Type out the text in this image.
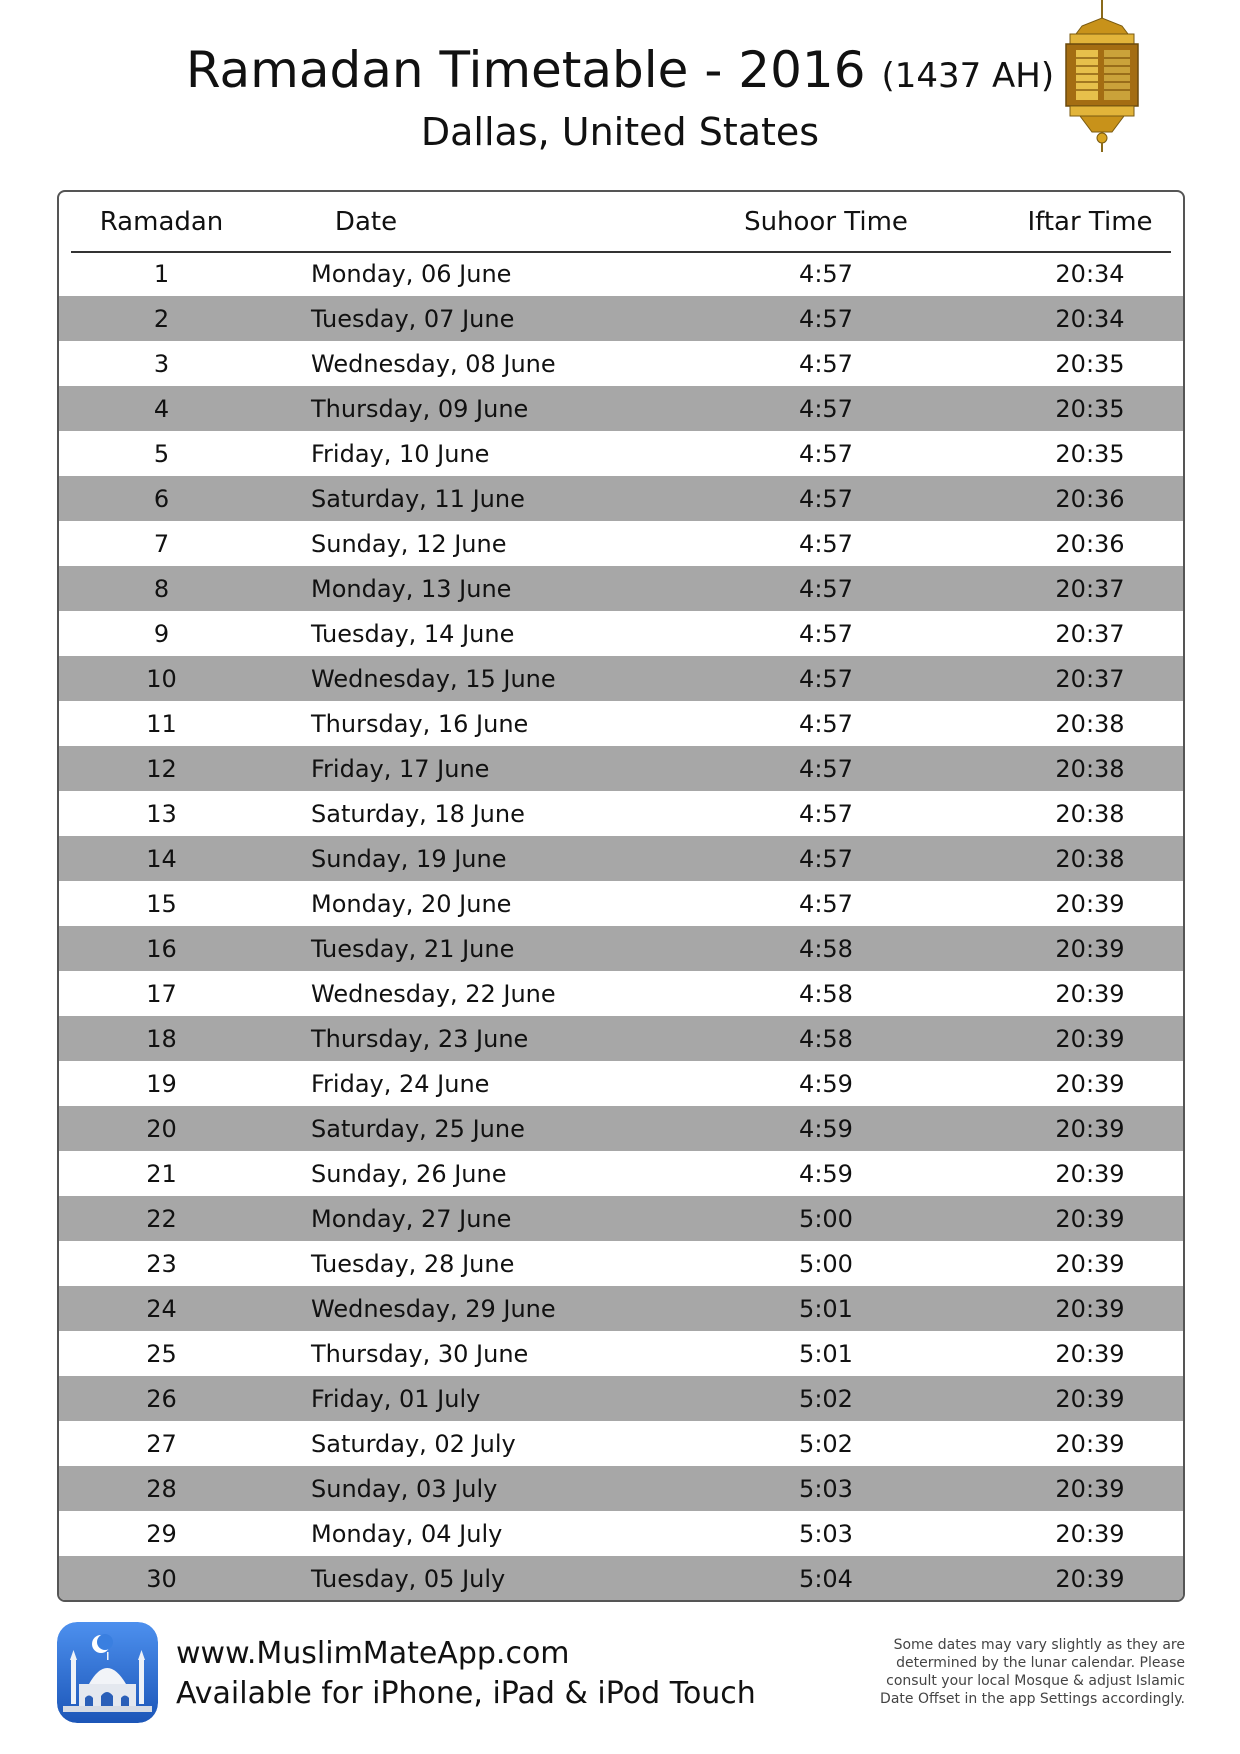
Ramadan Timetable - 2016 (1437 AH)
Dallas, United States
Ramadan	Date	Suhoor Time	Iftar Time
1	Monday, 06 June	4:57	20:34
2	Tuesday, 07 June	4:57	20:34
3	Wednesday, 08 June	4:57	20:35
4	Thursday, 09 June	4:57	20:35
5	Friday, 10 June	4:57	20:35
6	Saturday, 11 June	4:57	20:36
7	Sunday, 12 June	4:57	20:36
8	Monday, 13 June	4:57	20:37
9	Tuesday, 14 June	4:57	20:37
10	Wednesday, 15 June	4:57	20:37
11	Thursday, 16 June	4:57	20:38
12	Friday, 17 June	4:57	20:38
13	Saturday, 18 June	4:57	20:38
14	Sunday, 19 June	4:57	20:38
15	Monday, 20 June	4:57	20:39
16	Tuesday, 21 June	4:58	20:39
17	Wednesday, 22 June	4:58	20:39
18	Thursday, 23 June	4:58	20:39
19	Friday, 24 June	4:59	20:39
20	Saturday, 25 June	4:59	20:39
21	Sunday, 26 June	4:59	20:39
22	Monday, 27 June	5:00	20:39
23	Tuesday, 28 June	5:00	20:39
24	Wednesday, 29 June	5:01	20:39
25	Thursday, 30 June	5:01	20:39
26	Friday, 01 July	5:02	20:39
27	Saturday, 02 July	5:02	20:39
28	Sunday, 03 July	5:03	20:39
29	Monday, 04 July	5:03	20:39
30	Tuesday, 05 July	5:04	20:39
www.MuslimMateApp.com
Available for iPhone, iPad & iPod Touch
Some dates may vary slightly as they are determined by the lunar calendar. Please consult your local Mosque & adjust Islamic Date Offset in the app Settings accordingly.
